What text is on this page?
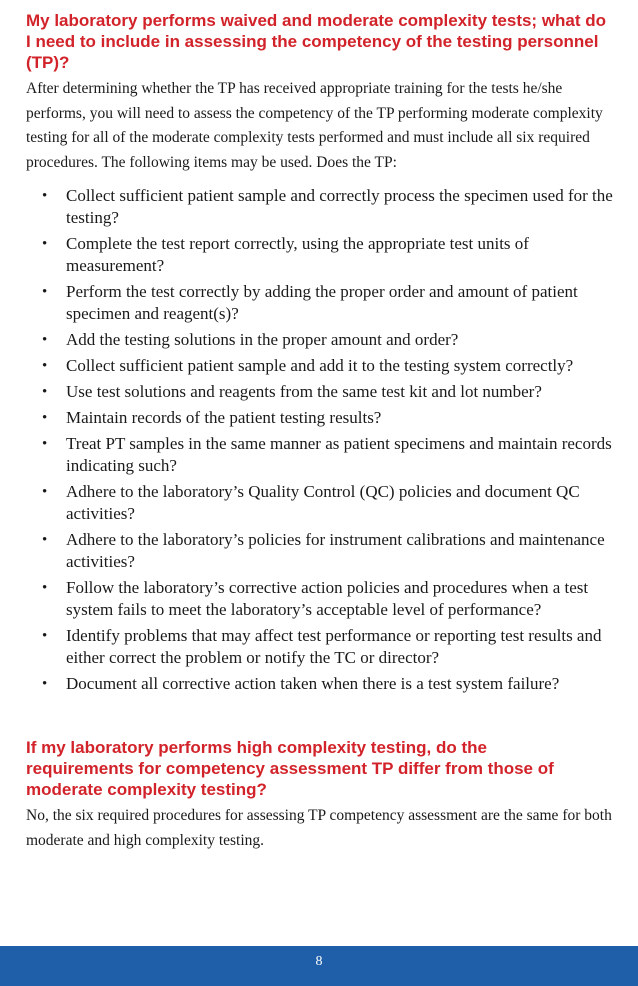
My laboratory performs waived and moderate complexity tests; what do I need to include in assessing the competency of the testing personnel (TP)?

After determining whether the TP has received appropriate training for the tests he/she performs, you will need to assess the competency of the TP performing moderate complexity testing for all of the moderate complexity tests performed and must include all six required procedures. The following items may be used. Does the TP:

• Collect sufficient patient sample and correctly process the specimen used for the testing?
• Complete the test report correctly, using the appropriate test units of measurement?
• Perform the test correctly by adding the proper order and amount of patient specimen and reagent(s)?
• Add the testing solutions in the proper amount and order?
• Collect sufficient patient sample and add it to the testing system correctly?
• Use test solutions and reagents from the same test kit and lot number?
• Maintain records of the patient testing results?
• Treat PT samples in the same manner as patient specimens and maintain records indicating such?
• Adhere to the laboratory’s Quality Control (QC) policies and document QC activities?
• Adhere to the laboratory’s policies for instrument calibrations and maintenance activities?
• Follow the laboratory’s corrective action policies and procedures when a test system fails to meet the laboratory’s acceptable level of performance?
• Identify problems that may affect test performance or reporting test results and either correct the problem or notify the TC or director?
• Document all corrective action taken when there is a test system failure?
If my laboratory performs high complexity testing, do the requirements for competency assessment TP differ from those of moderate complexity testing?

No, the six required procedures for assessing TP competency assessment are the same for both moderate and high complexity testing.

8
